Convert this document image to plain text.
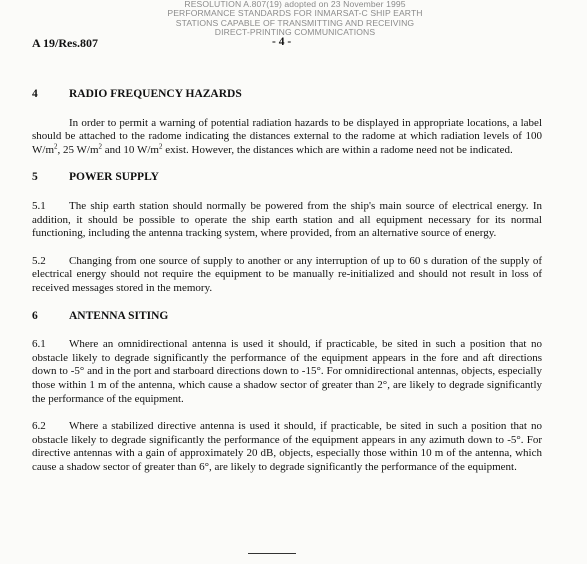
RESOLUTION A.807(19) adopted on 23 November 1995
PERFORMANCE STANDARDS FOR INMARSAT-C SHIP EARTH
STATIONS CAPABLE OF TRANSMITTING AND RECEIVING
DIRECT-PRINTING COMMUNICATIONS
A 19/Res.807	- 4 -
4	RADIO FREQUENCY HAZARDS

In order to permit a warning of potential radiation hazards to be displayed in appropriate locations, a label should be attached to the radome indicating the distances external to the radome at which radiation levels of 100 $W/m^2$, 25 $W/m^2$ and 10 $W/m^2$ exist. However, the distances which are within a radome need not be indicated.

5	POWER SUPPLY

5.1 The ship earth station should normally be powered from the ship's main source of electrical energy. In addition, it should be possible to operate the ship earth station and all equipment necessary for its normal functioning, including the antenna tracking system, where provided, from an alternative source of energy.

5.2 Changing from one source of supply to another or any interruption of up to 60 s duration of the supply of electrical energy should not require the equipment to be manually re-initialized and should not result in loss of received messages stored in the memory.

6	ANTENNA SITING

6.1 Where an omnidirectional antenna is used it should, if practicable, be sited in such a position that no obstacle likely to degrade significantly the performance of the equipment appears in the fore and aft directions down to -5° and in the port and starboard directions down to -15°. For omnidirectional antennas, objects, especially those within 1 m of the antenna, which cause a shadow sector of greater than 2°, are likely to degrade significantly the performance of the equipment.

6.2 Where a stabilized directive antenna is used it should, if practicable, be sited in such a position that no obstacle likely to degrade significantly the performance of the equipment appears in any azimuth down to -5°. For directive antennas with a gain of approximately 20 dB, objects, especially those within 10 m of the antenna, which cause a shadow sector of greater than 6°, are likely to degrade significantly the performance of the equipment.
